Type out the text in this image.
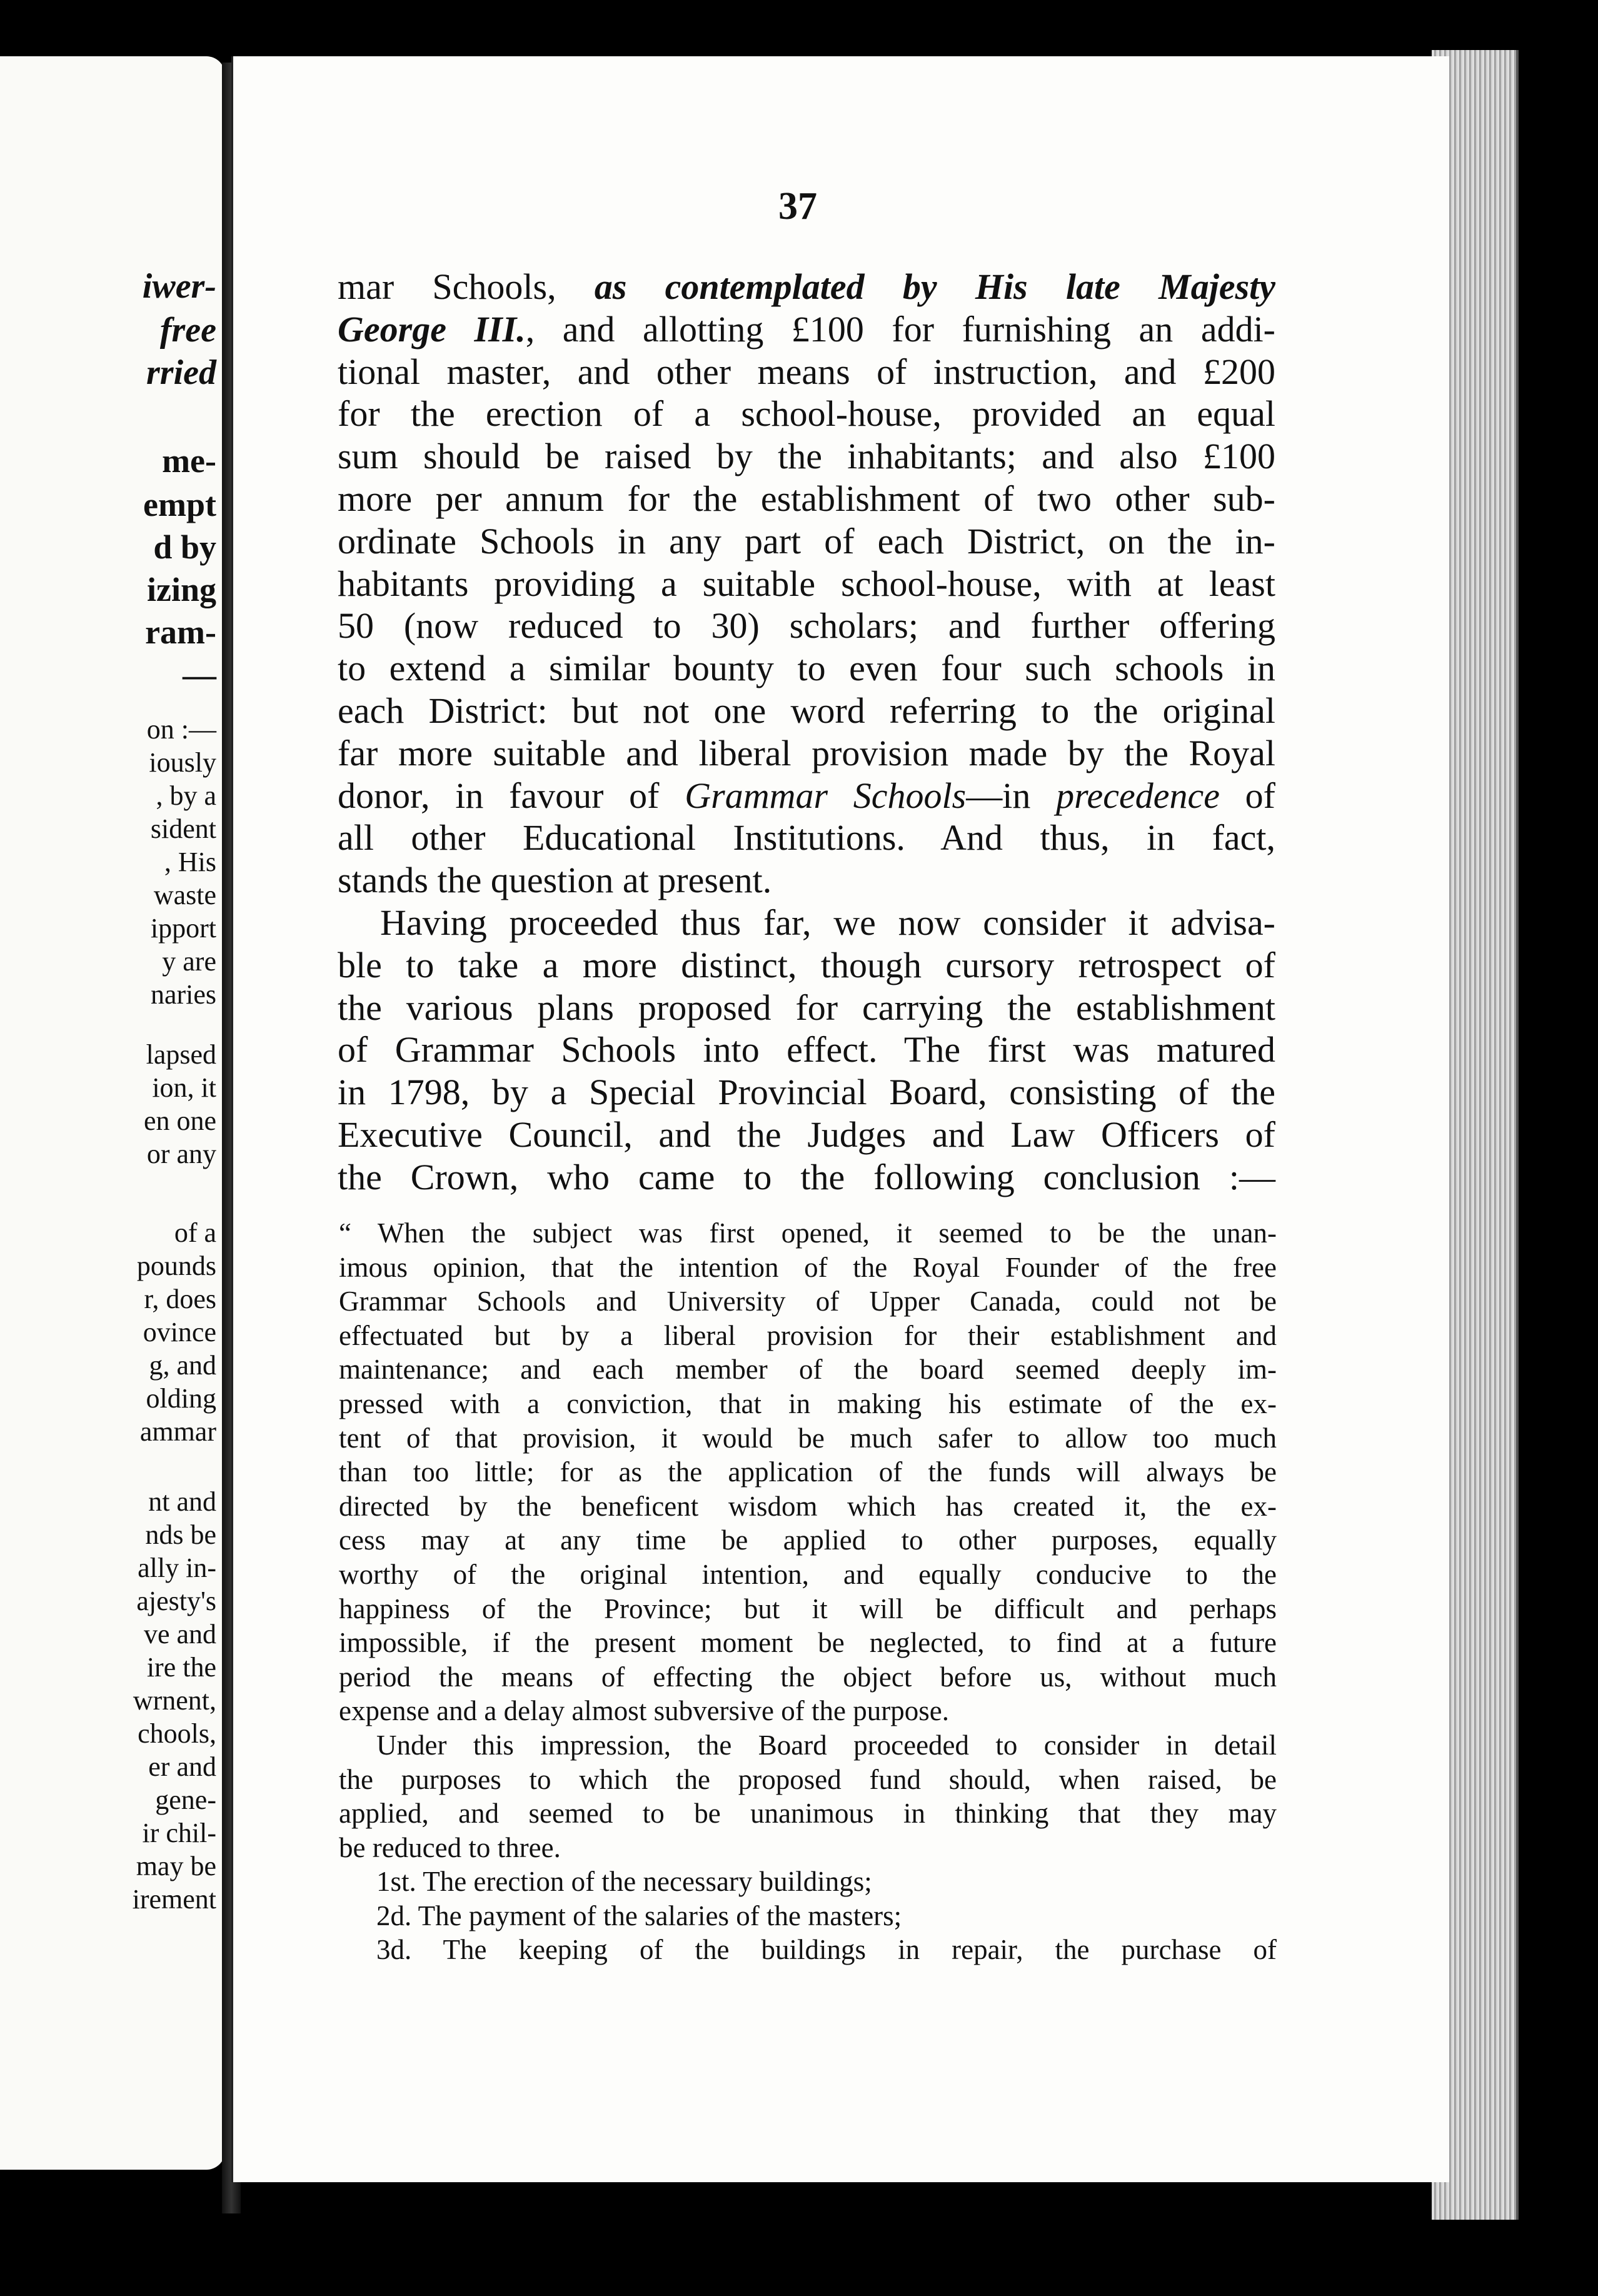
iwer-
free
rried
me-
empt
d by
izing
ram-
—
on :—
iously
, by a
sident
, His
waste
ipport
y are
naries
lapsed
ion, it
en one
or any
of a
pounds
r, does
ovince
g, and
olding
ammar
nt and
nds be
ally in-
ajesty's
ve and
ire the
wrnent,
chools,
er and
gene-
ir chil-
may be
irement
37
mar Schools, as contemplated by His late Majesty
George III., and allotting £100 for furnishing an addi-
tional master, and other means of instruction, and £200
for the erection of a school-house, provided an equal
sum should be raised by the inhabitants; and also £100
more per annum for the establishment of two other sub-
ordinate Schools in any part of each District, on the in-
habitants providing a suitable school-house, with at least
50 (now reduced to 30) scholars; and further offering
to extend a similar bounty to even four such schools in
each District: but not one word referring to the original
far more suitable and liberal provision made by the Royal
donor, in favour of Grammar Schools—in precedence of
all other Educational Institutions. And thus, in fact,
stands the question at present.
Having proceeded thus far, we now consider it advisa-
ble to take a more distinct, though cursory retrospect of
the various plans proposed for carrying the establishment
of Grammar Schools into effect. The first was matured
in 1798, by a Special Provincial Board, consisting of the
Executive Council, and the Judges and Law Officers of
the Crown, who came to the following conclusion :—
“ When the subject was first opened, it seemed to be the unan-
imous opinion, that the intention of the Royal Founder of the free
Grammar Schools and University of Upper Canada, could not be
effectuated but by a liberal provision for their establishment and
maintenance; and each member of the board seemed deeply im-
pressed with a conviction, that in making his estimate of the ex-
tent of that provision, it would be much safer to allow too much
than too little; for as the application of the funds will always be
directed by the beneficent wisdom which has created it, the ex-
cess may at any time be applied to other purposes, equally
worthy of the original intention, and equally conducive to the
happiness of the Province; but it will be difficult and perhaps
impossible, if the present moment be neglected, to find at a future
period the means of effecting the object before us, without much
expense and a delay almost subversive of the purpose.
Under this impression, the Board proceeded to consider in detail
the purposes to which the proposed fund should, when raised, be
applied, and seemed to be unanimous in thinking that they may
be reduced to three.
1st. The erection of the necessary buildings;
2d. The payment of the salaries of the masters;
3d. The keeping of the buildings in repair, the purchase of
